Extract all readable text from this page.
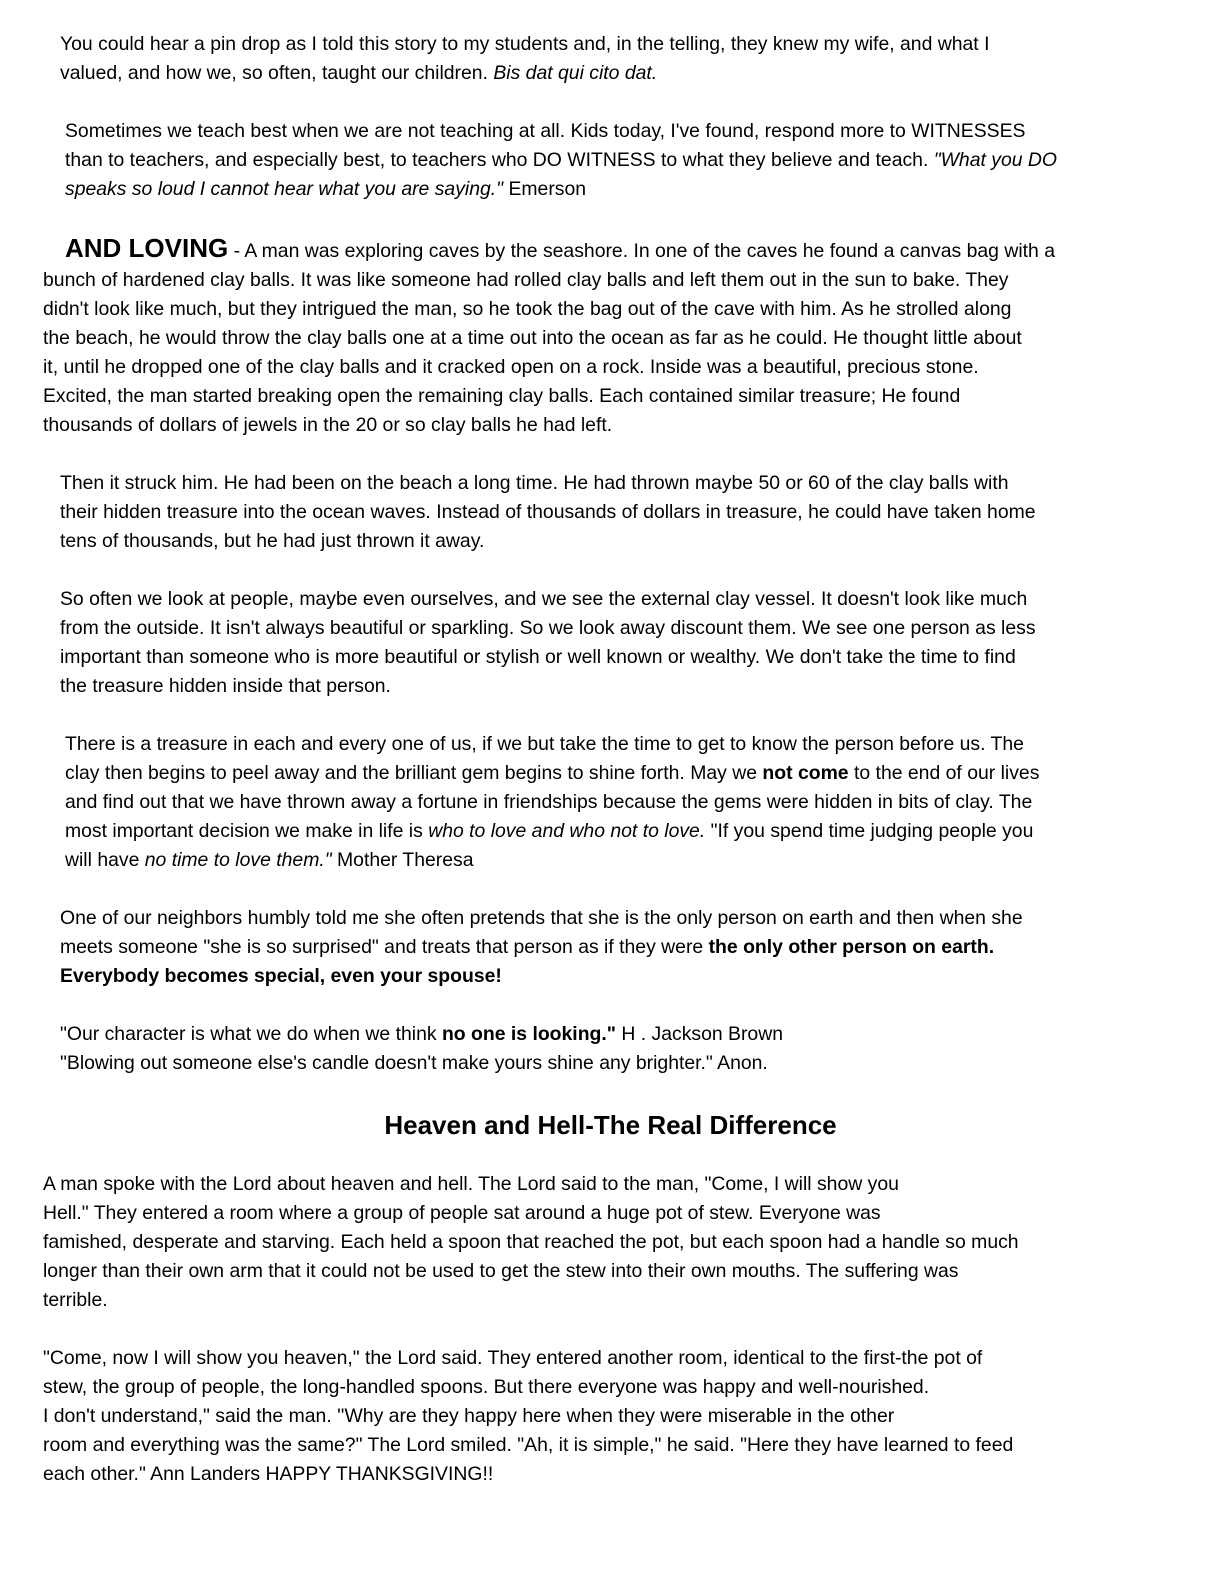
You could hear a pin drop as I told this story to my students and, in the telling, they knew my wife, and what I
valued, and how we, so often, taught our children. Bis dat qui cito dat.

Sometimes we teach best when we are not teaching at all. Kids today, I've found, respond more to WITNESSES
than to teachers, and especially best, to teachers who DO WITNESS to what they believe and teach. "What you DO
speaks so loud I cannot hear what you are saying." Emerson

AND LOVING - A man was exploring caves by the seashore. In one of the caves he found a canvas bag with a
bunch of hardened clay balls. It was like someone had rolled clay balls and left them out in the sun to bake. They
didn't look like much, but they intrigued the man, so he took the bag out of the cave with him. As he strolled along
the beach, he would throw the clay balls one at a time out into the ocean as far as he could. He thought little about
it, until he dropped one of the clay balls and it cracked open on a rock. Inside was a beautiful, precious stone.
Excited, the man started breaking open the remaining clay balls. Each contained similar treasure; He found
thousands of dollars of jewels in the 20 or so clay balls he had left.

Then it struck him. He had been on the beach a long time. He had thrown maybe 50 or 60 of the clay balls with
their hidden treasure into the ocean waves. Instead of thousands of dollars in treasure, he could have taken home
tens of thousands, but he had just thrown it away.

So often we look at people, maybe even ourselves, and we see the external clay vessel. It doesn't look like much
from the outside. It isn't always beautiful or sparkling. So we look away discount them. We see one person as less
important than someone who is more beautiful or stylish or well known or wealthy. We don't take the time to find
the treasure hidden inside that person.

There is a treasure in each and every one of us, if we but take the time to get to know the person before us. The
clay then begins to peel away and the brilliant gem begins to shine forth. May we not come to the end of our lives
and find out that we have thrown away a fortune in friendships because the gems were hidden in bits of clay. The
most important decision we make in life is who to love and who not to love. "If you spend time judging people you
will have no time to love them." Mother Theresa

One of our neighbors humbly told me she often pretends that she is the only person on earth and then when she
meets someone "she is so surprised" and treats that person as if they were the only other person on earth.
Everybody becomes special, even your spouse!

"Our character is what we do when we think no one is looking." H . Jackson Brown

"Blowing out someone else's candle doesn't make yours shine any brighter." Anon.

Heaven and Hell-The Real Difference

A man spoke with the Lord about heaven and hell. The Lord said to the man, "Come, I will show you
Hell." They entered a room where a group of people sat around a huge pot of stew. Everyone was
famished, desperate and starving. Each held a spoon that reached the pot, but each spoon had a handle so much
longer than their own arm that it could not be used to get the stew into their own mouths. The suffering was
terrible.

"Come, now I will show you heaven," the Lord said. They entered another room, identical to the first-the pot of
stew, the group of people, the long-handled spoons. But there everyone was happy and well-nourished.
I don't understand," said the man. ''Why are they happy here when they were miserable in the other
room and everything was the same?" The Lord smiled. "Ah, it is simple," he said. "Here they have learned to feed
each other." Ann Landers HAPPY THANKSGIVING!!
